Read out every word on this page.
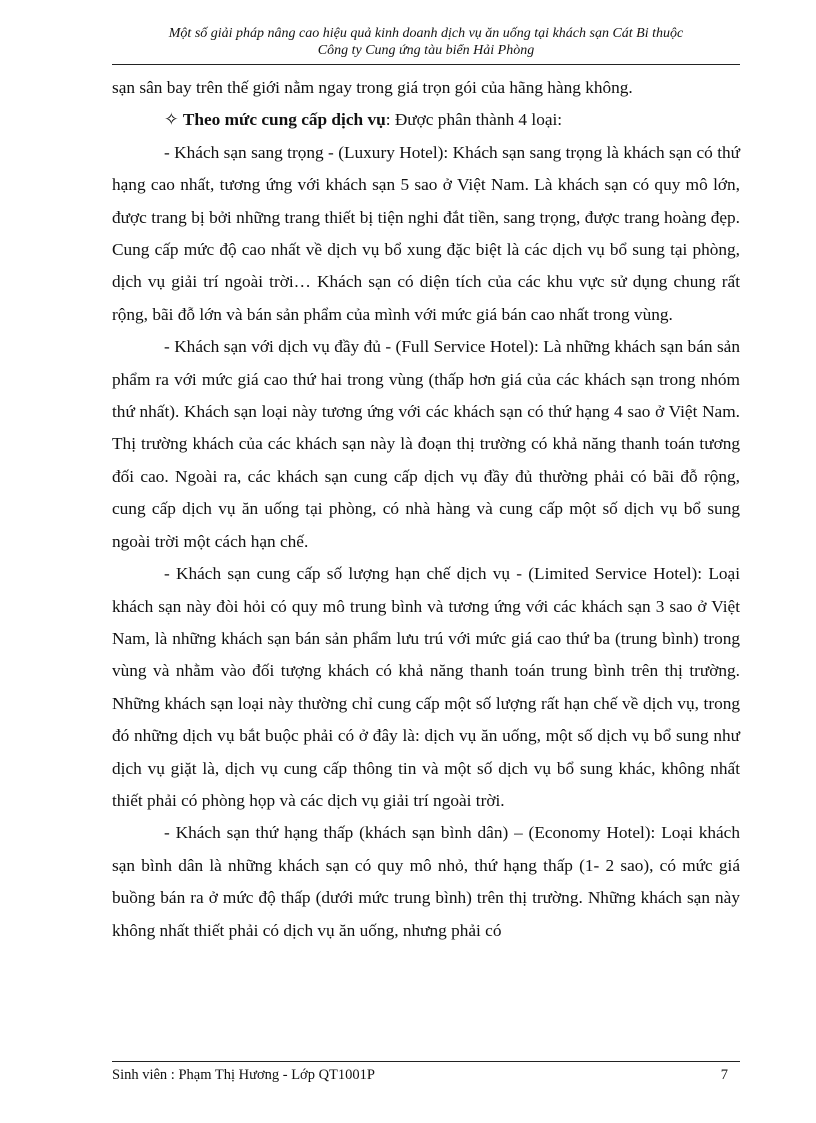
Một số giải pháp nâng cao hiệu quả kinh doanh dịch vụ ăn uống tại khách sạn Cát Bi thuộc
Công ty Cung ứng tàu biển Hải Phòng

sạn sân bay trên thế giới nằm ngay trong giá trọn gói của hãng hàng không.

✧ Theo mức cung cấp dịch vụ: Được phân thành 4 loại:

- Khách sạn sang trọng - (Luxury Hotel): Khách sạn sang trọng là khách sạn có thứ hạng cao nhất, tương ứng với khách sạn 5 sao ở Việt Nam. Là khách sạn có quy mô lớn, được trang bị bởi những trang thiết bị tiện nghi đắt tiền, sang trọng, được trang hoàng đẹp. Cung cấp mức độ cao nhất về dịch vụ bổ xung đặc biệt là các dịch vụ bổ sung tại phòng, dịch vụ giải trí ngoài trời… Khách sạn có diện tích của các khu vực sử dụng chung rất rộng, bãi đỗ lớn và bán sản phẩm của mình với mức giá bán cao nhất trong vùng.

- Khách sạn với dịch vụ đầy đủ - (Full Service Hotel): Là những khách sạn bán sản phẩm ra với mức giá cao thứ hai trong vùng (thấp hơn giá của các khách sạn trong nhóm thứ nhất). Khách sạn loại này tương ứng với các khách sạn có thứ hạng 4 sao ở Việt Nam. Thị trường khách của các khách sạn này là đoạn thị trường có khả năng thanh toán tương đối cao. Ngoài ra, các khách sạn cung cấp dịch vụ đầy đủ thường phải có bãi đỗ rộng, cung cấp dịch vụ ăn uống tại phòng, có nhà hàng và cung cấp một số dịch vụ bổ sung ngoài trời một cách hạn chế.

- Khách sạn cung cấp số lượng hạn chế dịch vụ - (Limited Service Hotel): Loại khách sạn này đòi hỏi có quy mô trung bình và tương ứng với các khách sạn 3 sao ở Việt Nam, là những khách sạn bán sản phẩm lưu trú với mức giá cao thứ ba (trung bình) trong vùng và nhằm vào đối tượng khách có khả năng thanh toán trung bình trên thị trường. Những khách sạn loại này thường chỉ cung cấp một số lượng rất hạn chế về dịch vụ, trong đó những dịch vụ bắt buộc phải có ở đây là: dịch vụ ăn uống, một số dịch vụ bổ sung như dịch vụ giặt là, dịch vụ cung cấp thông tin và một số dịch vụ bổ sung khác, không nhất thiết phải có phòng họp và các dịch vụ giải trí ngoài trời.

- Khách sạn thứ hạng thấp (khách sạn bình dân) – (Economy Hotel): Loại khách sạn bình dân là những khách sạn có quy mô nhỏ, thứ hạng thấp (1- 2 sao), có mức giá buồng bán ra ở mức độ thấp (dưới mức trung bình) trên thị trường. Những khách sạn này không nhất thiết phải có dịch vụ ăn uống, nhưng phải có

Sinh viên : Phạm Thị Hương - Lớp QT1001P	7
